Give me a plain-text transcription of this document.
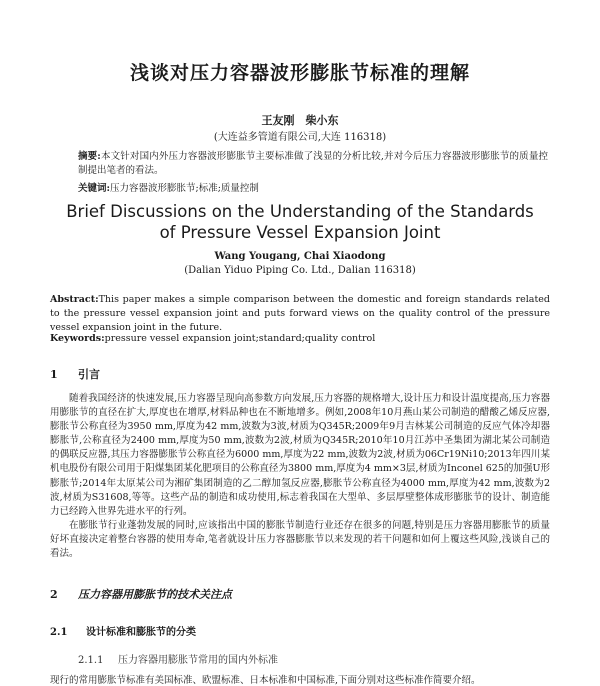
浅谈对压力容器波形膨胀节标准的理解
王友刚　柴小东
(大连益多管道有限公司,大连 116318)
摘要:本文针对国内外压力容器波形膨胀节主要标准做了浅显的分析比较,并对今后压力容器波形膨胀节的质量控制提出笔者的看法。
关键词:压力容器波形膨胀节;标准;质量控制
Brief Discussions on the Understanding of the Standards
of Pressure Vessel Expansion Joint
Wang Yougang, Chai Xiaodong
(Dalian Yiduo Piping Co. Ltd., Dalian 116318)
Abstract:This paper makes a simple comparison between the domestic and foreign standards related to the pressure vessel expansion joint and puts forward views on the quality control of the pressure vessel expansion joint in the future.
Keywords:pressure vessel expansion joint;standard;quality control
1 引言

随着我国经济的快速发展,压力容器呈现向高参数方向发展,压力容器的规格增大,设计压力和设计温度提高,压力容器用膨胀节的直径在扩大,厚度也在增厚,材料品种也在不断地增多。例如,2008年10月燕山某公司制造的醋酸乙烯反应器,膨胀节公称直径为3950 mm,厚度为42 mm,波数为3波,材质为Q345R;2009年9月吉林某公司制造的反应气体冷却器膨胀节,公称直径为2400 mm,厚度为50 mm,波数为2波,材质为Q345R;2010年10月江苏中圣集团为湖北某公司制造的偶联反应器,其压力容器膨胀节公称直径为6000 mm,厚度为22 mm,波数为2波,材质为06Cr19Ni10;2013年四川某机电股份有限公司用于阳煤集团某化肥项目的公称直径为3800 mm,厚度为4 mm×3层,材质为Inconel 625的加强U形膨胀节;2014年太原某公司为湘矿集团制造的乙二醇加氢反应器,膨胀节公称直径为4000 mm,厚度为42 mm,波数为2波,材质为S31608,等等。这些产品的制造和成功使用,标志着我国在大型单、多层厚壁整体成形膨胀节的设计、制造能力已经跨入世界先进水平的行列。

在膨胀节行业蓬勃发展的同时,应该指出中国的膨胀节制造行业还存在很多的问题,特别是压力容器用膨胀节的质量好坏直接决定着整台容器的使用寿命,笔者就设计压力容器膨胀节以来发现的若干问题和如何上覆这些风险,浅谈自己的看法。

2 压力容器用膨胀节的技术关注点
2.1 设计标准和膨胀节的分类
2.1.1 压力容器用膨胀节常用的国内外标准
现行的常用膨胀节标准有美国标准、欧盟标准、日本标准和中国标准,下面分别对这些标准作简要介绍。
